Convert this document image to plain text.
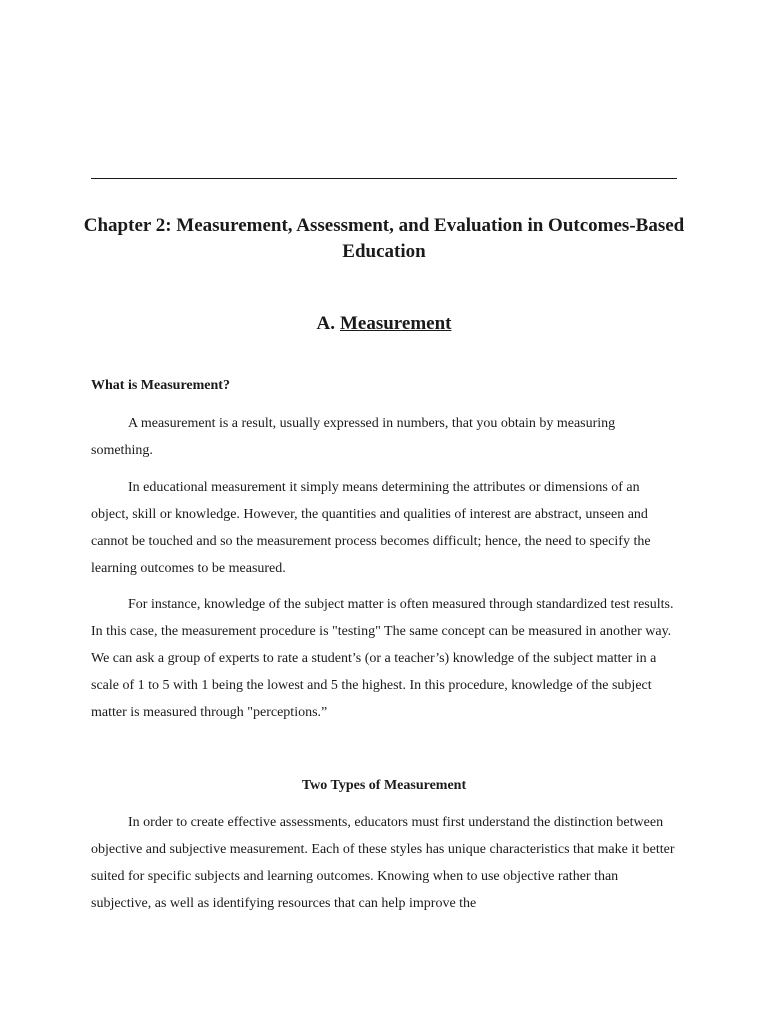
Chapter 2: Measurement, Assessment, and Evaluation in Outcomes-Based Education
A. Measurement
What is Measurement?

A measurement is a result, usually expressed in numbers, that you obtain by measuring something.

In educational measurement it simply means determining the attributes or dimensions of an object, skill or knowledge. However, the quantities and qualities of interest are abstract, unseen and cannot be touched and so the measurement process becomes difficult; hence, the need to specify the learning outcomes to be measured.

For instance, knowledge of the subject matter is often measured through standardized test results. In this case, the measurement procedure is "testing" The same concept can be measured in another way. We can ask a group of experts to rate a student’s (or a teacher’s) knowledge of the subject matter in a scale of 1 to 5 with 1 being the lowest and 5 the highest. In this procedure, knowledge of the subject matter is measured through "perceptions.”

Two Types of Measurement

In order to create effective assessments, educators must first understand the distinction between objective and subjective measurement. Each of these styles has unique characteristics that make it better suited for specific subjects and learning outcomes. Knowing when to use objective rather than subjective, as well as identifying resources that can help improve the
